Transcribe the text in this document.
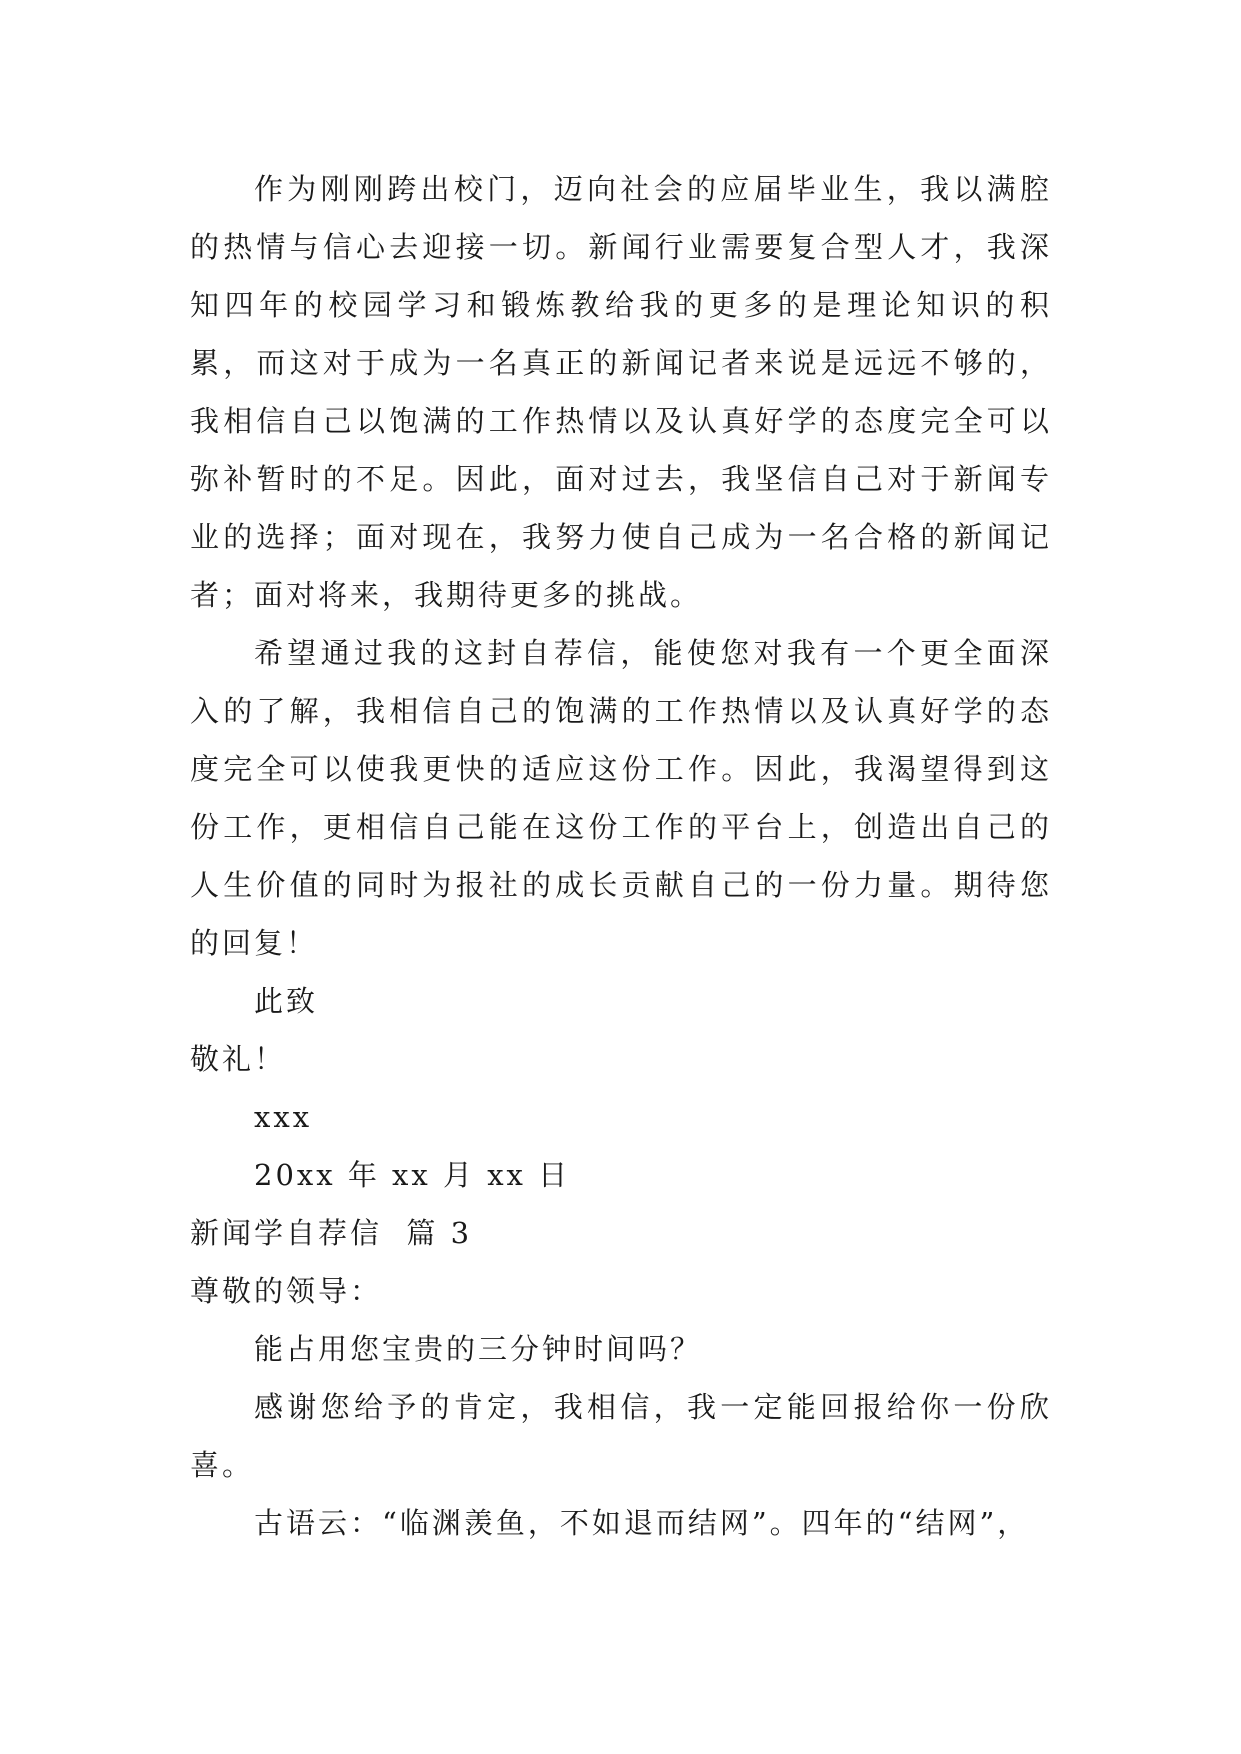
作为刚刚跨出校门，迈向社会的应届毕业生，我以满腔的热情与信心去迎接一切。新闻行业需要复合型人才，我深知四年的校园学习和锻炼教给我的更多的是理论知识的积累，而这对于成为一名真正的新闻记者来说是远远不够的，我相信自己以饱满的工作热情以及认真好学的态度完全可以弥补暂时的不足。因此，面对过去，我坚信自己对于新闻专业的选择；面对现在，我努力使自己成为一名合格的新闻记者；面对将来，我期待更多的挑战。

希望通过我的这封自荐信，能使您对我有一个更全面深入的了解，我相信自己的饱满的工作热情以及认真好学的态度完全可以使我更快的适应这份工作。因此，我渴望得到这份工作，更相信自己能在这份工作的平台上，创造出自己的人生价值的同时为报社的成长贡献自己的一份力量。期待您的回复！

此致

敬礼！

xxx

20xx 年 xx 月 xx 日

新闻学自荐信  篇 3

尊敬的领导：

能占用您宝贵的三分钟时间吗？

感谢您给予的肯定，我相信，我一定能回报给你一份欣喜。

古语云：“临渊羡鱼，不如退而结网”。四年的“结网”，
